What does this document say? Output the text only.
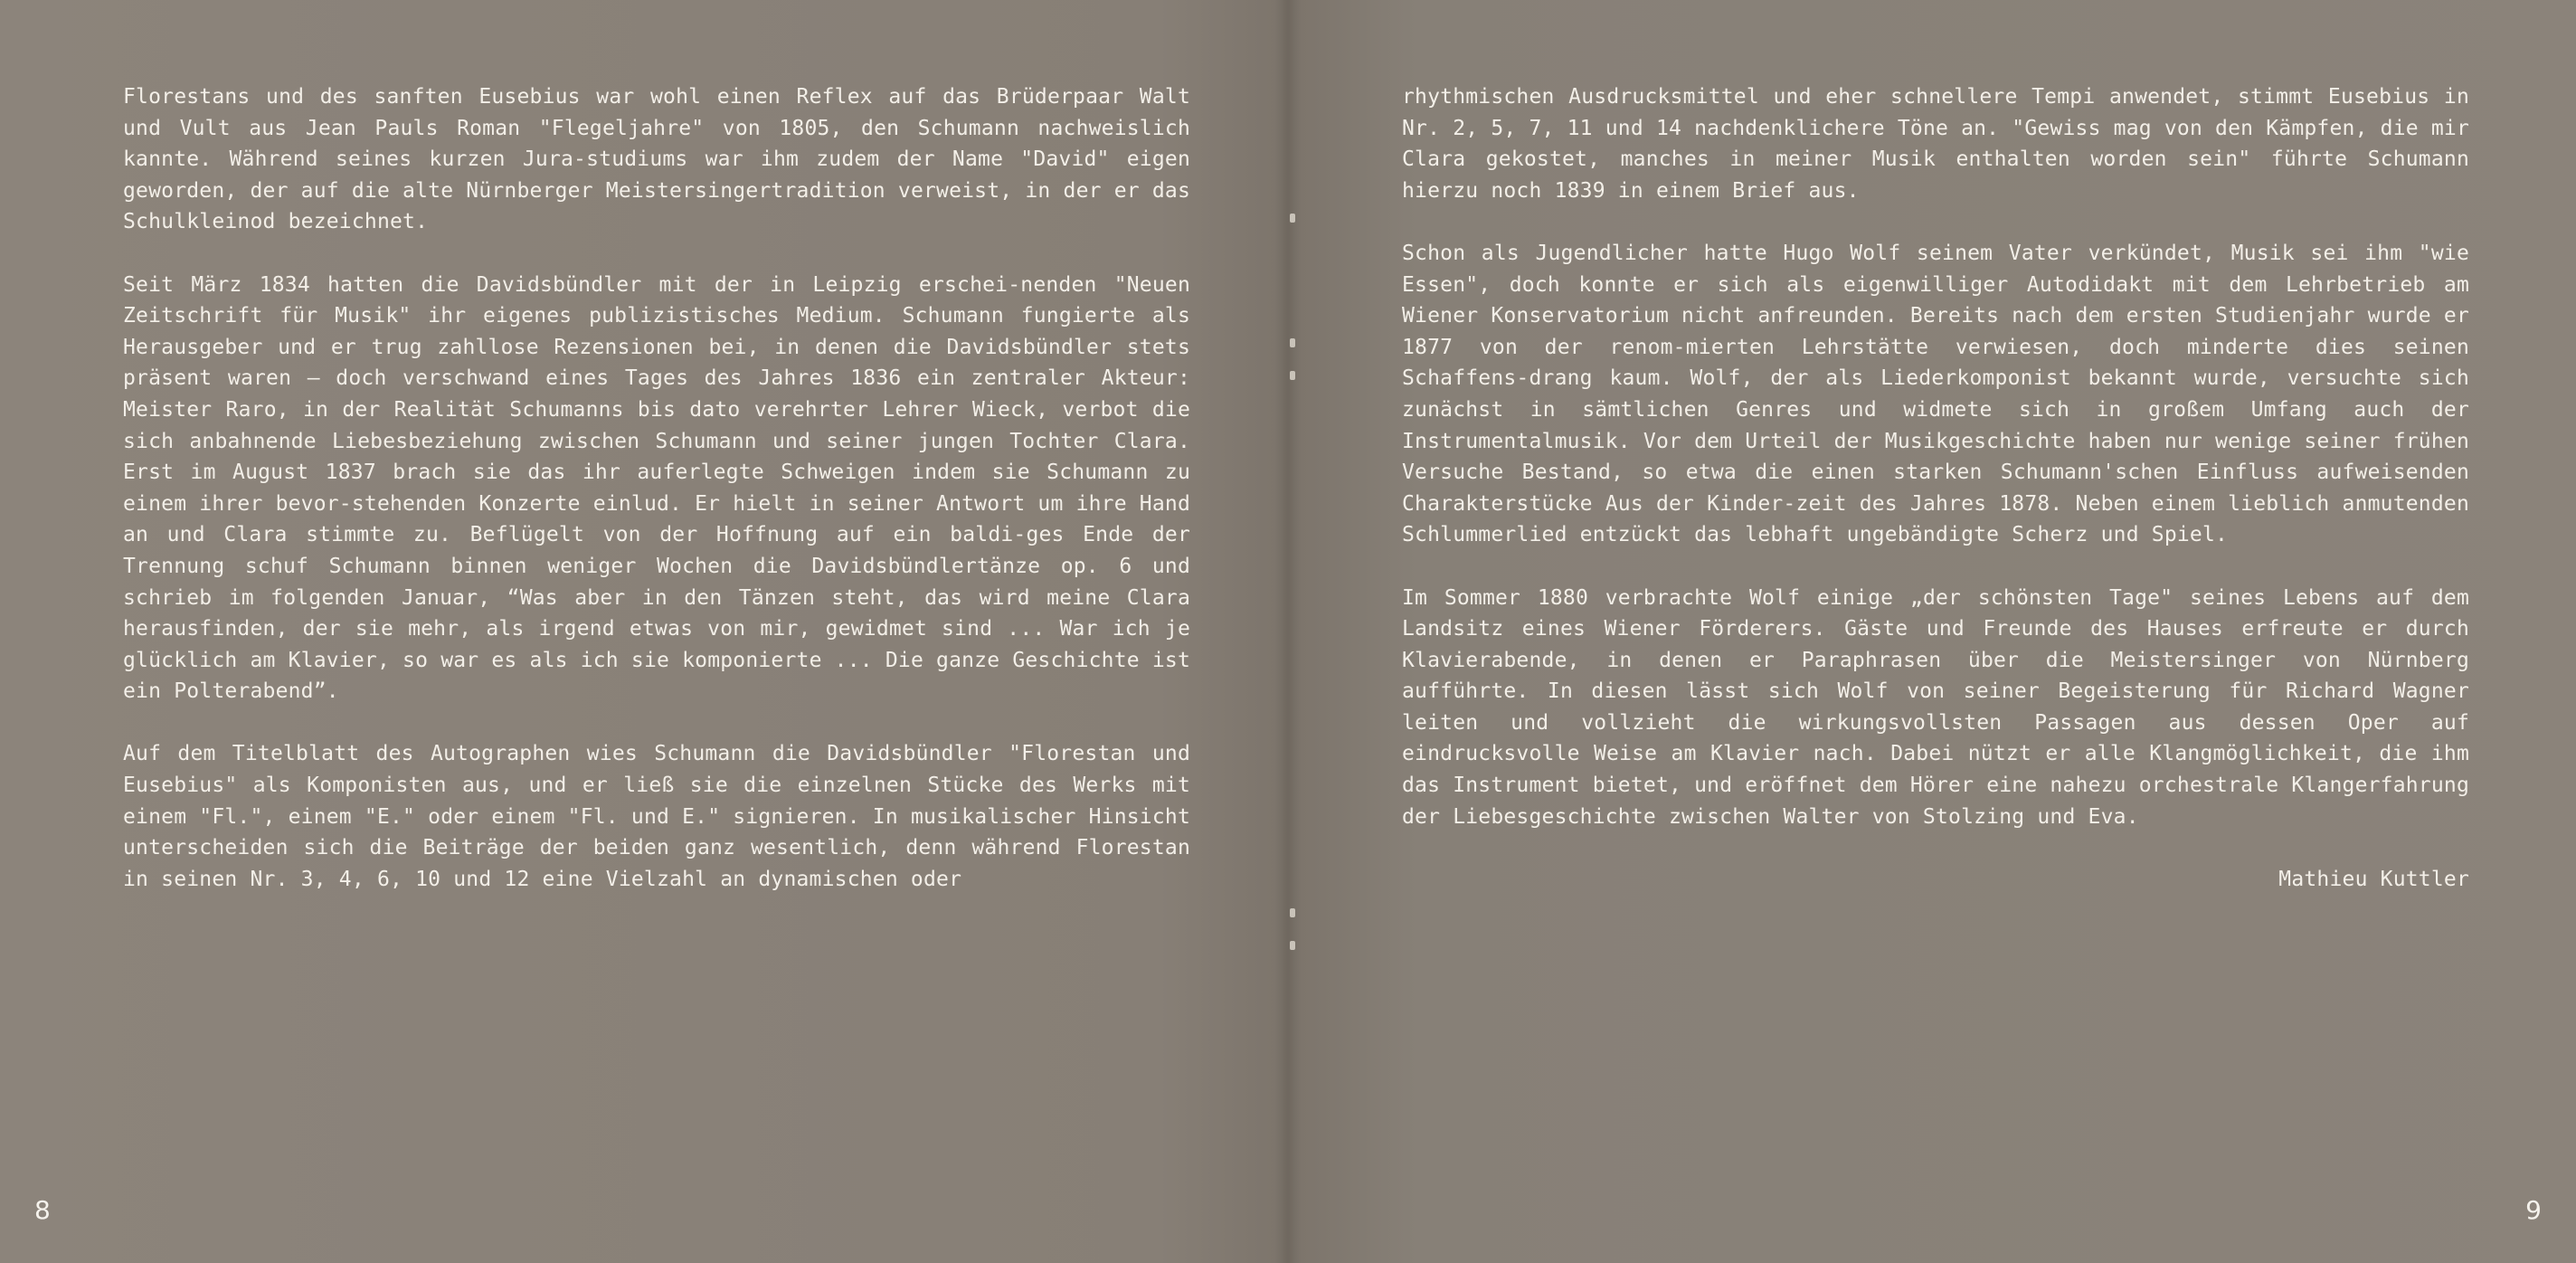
Florestans und des sanften Eusebius war wohl einen Reflex auf das Brüderpaar Walt und Vult aus Jean Pauls Roman "Flegeljahre" von 1805, den Schumann nachweislich kannte. Während seines kurzen Jura-studiums war ihm zudem der Name "David" eigen geworden, der auf die alte Nürnberger Meistersingertradition verweist, in der er das Schulkleinod bezeichnet.

Seit März 1834 hatten die Davidsbündler mit der in Leipzig erschei-nenden "Neuen Zeitschrift für Musik" ihr eigenes publizistisches Medium. Schumann fungierte als Herausgeber und er trug zahllose Rezensionen bei, in denen die Davidsbündler stets präsent waren – doch verschwand eines Tages des Jahres 1836 ein zentraler Akteur: Meister Raro, in der Realität Schumanns bis dato verehrter Lehrer Wieck, verbot die sich anbahnende Liebesbeziehung zwischen Schumann und seiner jungen Tochter Clara. Erst im August 1837 brach sie das ihr auferlegte Schweigen indem sie Schumann zu einem ihrer bevor-stehenden Konzerte einlud. Er hielt in seiner Antwort um ihre Hand an und Clara stimmte zu. Beflügelt von der Hoffnung auf ein baldi-ges Ende der Trennung schuf Schumann binnen weniger Wochen die Davidsbündlertänze op. 6 und schrieb im folgenden Januar, “Was aber in den Tänzen steht, das wird meine Clara herausfinden, der sie mehr, als irgend etwas von mir, gewidmet sind ... War ich je glücklich am Klavier, so war es als ich sie komponierte ... Die ganze Geschichte ist ein Polterabend”.

Auf dem Titelblatt des Autographen wies Schumann die Davidsbündler "Florestan und Eusebius" als Komponisten aus, und er ließ sie die einzelnen Stücke des Werks mit einem "Fl.", einem "E." oder einem "Fl. und E." signieren. In musikalischer Hinsicht unterscheiden sich die Beiträge der beiden ganz wesentlich, denn während Florestan in seinen Nr. 3, 4, 6, 10 und 12 eine Vielzahl an dynamischen oder

8

rhythmischen Ausdrucksmittel und eher schnellere Tempi anwendet, stimmt Eusebius in Nr. 2, 5, 7, 11 und 14 nachdenklichere Töne an. "Gewiss mag von den Kämpfen, die mir Clara gekostet, manches in meiner Musik enthalten worden sein" führte Schumann hierzu noch 1839 in einem Brief aus.

Schon als Jugendlicher hatte Hugo Wolf seinem Vater verkündet, Musik sei ihm "wie Essen", doch konnte er sich als eigenwilliger Autodidakt mit dem Lehrbetrieb am Wiener Konservatorium nicht anfreunden. Bereits nach dem ersten Studienjahr wurde er 1877 von der renom-mierten Lehrstätte verwiesen, doch minderte dies seinen Schaffens-drang kaum. Wolf, der als Liederkomponist bekannt wurde, versuchte sich zunächst in sämtlichen Genres und widmete sich in großem Umfang auch der Instrumentalmusik. Vor dem Urteil der Musikgeschichte haben nur wenige seiner frühen Versuche Bestand, so etwa die einen starken Schumann'schen Einfluss aufweisenden Charakterstücke Aus der Kinder-zeit des Jahres 1878. Neben einem lieblich anmutenden Schlummerlied entzückt das lebhaft ungebändigte Scherz und Spiel.

Im Sommer 1880 verbrachte Wolf einige „der schönsten Tage" seines Lebens auf dem Landsitz eines Wiener Förderers. Gäste und Freunde des Hauses erfreute er durch Klavierabende, in denen er Paraphrasen über die Meistersinger von Nürnberg aufführte. In diesen lässt sich Wolf von seiner Begeisterung für Richard Wagner leiten und vollzieht die wirkungsvollsten Passagen aus dessen Oper auf eindrucksvolle Weise am Klavier nach. Dabei nützt er alle Klangmöglichkeit, die ihm das Instrument bietet, und eröffnet dem Hörer eine nahezu orchestrale Klangerfahrung der Liebesgeschichte zwischen Walter von Stolzing und Eva.

Mathieu Kuttler
9
